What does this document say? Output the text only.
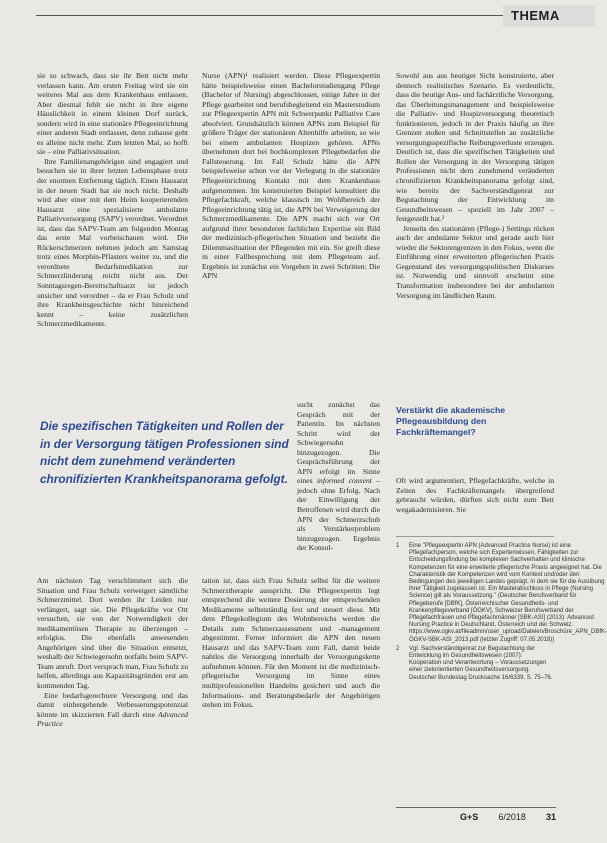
THEMA

sie so schwach, dass sie ihr Bett nicht mehr verlassen kann. Am ersten Freitag wird sie ein weiteres Mal aus dem Krankenhaus entlassen. Aber diesmal fehlt sie nicht in ihre eigene Häuslichkeit in einem kleinen Dorf zurück, sondern wird in eine stationäre Pflegeeinrichtung einer anderen Stadt entlassen, denn zuhause geht es alleine nicht mehr. Zum letzten Mal, so hofft sie – eine Palliativsituation.

Ihre Familienangehörigen sind engagiert und besuchen sie in ihrer letzten Lebensphase trotz der enormen Entfernung täglich. Einen Hausarzt in der neuen Stadt hat sie noch nicht. Deshalb wird aber einer mit dem Heim kooperierenden Hausarzt eine spezialisierte ambulante Palliativversorgung (SAPV) verordnet. Verordnet ist, dass das SAPV-Team am folgenden Montag das erste Mal vorbeischauen wird. Die Rückerschmerzen nehmen jedoch am Samstag trotz eines Morphin-Pflasters weiter zu, und die verordnete Bedarfsmedikation zur Schmerzlinderung reicht nicht aus. Der Sonntagsregen-Bereitschaftsarzt ist jedoch unsicher und verordnet – da er Frau Schulz und ihre Krankheitsgeschichte nicht hinreichend kennt – keine zusätzlichen Schmerzmedikamente.

Die spezifischen Tätigkeiten und Rollen der in der Versorgung tätigen Professionen sind nicht dem zunehmend veränderten chronifizierten Krankheitspanorama gefolgt.

Am nächsten Tag verschlimmert sich die Situation und Frau Schulz verweigert sämtliche Schmerzmittel. Dort werden ihr Leiden nur verlängert, sagt sie. Die Pflegekräfte vor Ort versuchen, sie von der Notwendigkeit der medikamentösen Therapie zu überzeugen – erfolglos. Die ebenfalls anwesenden Angehörigen sind über die Situation entsetzt, weshalb der Schwiegersohn notfalls beim SAPV-Team anruft. Dort versprach man, Frau Schulz zu helfen, allerdings aus Kapazitätsgründen erst am kommenden Tag.

Eine bedarfsgerechtere Versorgung und das damit einhergehende Verbesserungspotenzial könnte im skizzierten Fall durch eine Advanced Practice

Nurse (APN)¹ realisiert werden. Diese Pflegeexpertin hätte beispielsweise einen Bachelorstudiengang Pflege (Bachelor of Nursing) abgeschlossen, einige Jahre in der Pflege gearbeitet und berufsbegleitend ein Masterstudium zur Pflegeexpertin APN mit Schwerpunkt Palliative Care absolviert. Grundsätzlich können APNs zum Beispiel für größere Träger der stationären Altenhilfe arbeiten, so wie bei einem ambulanten Hospizen gehören. APNs übernehmen dort bei hochkomplexen Pflegebedarfen die Fallsteuerung. Im Fall Schulz hätte die APN beispielsweise schon vor der Verlegung in die stationäre Pflegeeinrichtung Kontakt mit dem Krankenhaus aufgenommen. Im konstruierten Beispiel konsultiert die Pflegefachkraft, welche klassisch im Wohlbereich der Pflegeeinrichtung tätig ist, die APN bei Verweigerung der Schmerzmedikamente. Die APN macht sich vor Ort aufgrund ihrer besonderen fachlichen Expertise ein Bild der medizinisch-pflegerischen Situation und bezieht die Dilemmasituation der Pflegenden mit ein. Sie greift diese in einer Fallbesprechung mit dem Pflegeteam auf. Ergebnis ist zunächst ein Vorgehen in zwei Schritten: Die APN

sucht zunächst das Gespräch mit der Patientin. Im nächsten Schritt wird der Schwiegersohn hinzugezogen. Die Gesprächsführung der APN erfolgt im Sinne eines informed consent – jedoch ohne Erfolg. Nach der Einwilligung der Betroffenen wird durch die APN der Schmerzschub als Verstärkerproblem hinzugezogen. Ergebnis der Konsul-

tation ist, dass sich Frau Schulz selbst für die weitere Schmerztherapie ausspricht. Die Pflegeexpertin legt entsprechend die weitere Dosierung der entsprechenden Medikamente selbstständig fest und steuert diese. Mit dem Pflegekollegium des Wohnbereichs werden die Details zum Schmerzassessment und -management abgestimmt. Ferner informiert die APN den neuen Hausarzt und das SAPV-Team zum Fall, damit beide nahtlos die Versorgung innerhalb der Versorgungskette aufnehmen können. Für den Moment ist die medizinisch-pflegerische Versorgung im Sinne eines multiprofessionellen Handelns gesichert und auch die Informations- und Beratungsbedarfe der Angehörigen stehen im Fokus.

Sowohl aus aus heutiger Sicht konstruierte, aber dennoch realistisches Szenario. Es verdeutlicht, dass die heutige Aus- und fachärztliche Versorgung, das Überleitungsmanagement und beispielsweise die Palliativ- und Hospizversorgung theoretisch funktionieren, jedoch in der Praxis häufig an ihre Grenzen stoßen und Schnittstellen an zusätzliche versorgungsspezifische Reibungsverluste erzeugen. Deutlich ist, dass die spezifischen Tätigkeiten und Rollen der Versorgung in der Versorgung tätigen Professionen nicht dem zunehmend veränderten chronifizierten Krankheitspanorama gefolgt sind, wie bereits der Sachverständigenrat zur Begutachtung der Entwicklung im Gesundheitswesen – speziell im Jahr 2007 – festgestellt hat.²

Jenseits des stationären (Pflege-) Settings rücken auch der ambulante Sektor und gerade auch hier wieder die Sektorengrenzen in den Fokus, wenn die Einführung einer erweiterten pflegerischen Praxis Gegenstand des versorgungspolitischen Diskurses ist. Notwendig und sinnvoll erscheint eine Transformation insbesondere bei der ambulanten Versorgung im ländlichen Raum.

Verstärkt die akademische Pflegeausbildung den Fachkräftemangel?

Oft wird argumentiert, Pflegefachkräfte, welche in Zeiten des Fachkräftemangels übergreifend gebraucht würden, dürften sich nicht zum Bett wegakademisieren. Sie

1	Eine "Pflegeexpertin APN (Advanced Practice Nurse) ist eine Pflegefachperson, welche sich Expertenwissen, Fähigkeiten zur Entscheidungsfindung bei komplexen Sachverhalten und klinische Kompetenzen für eine erweiterte pflegerische Praxis angeeignet hat. Die Charakteristik der Kompetenzen wird vom Kontext und/oder den Bedingungen des jeweiligen Landes geprägt, in dem sie für die Ausübung ihrer Tätigkeit zugelassen ist. Ein Masterabschluss in Pflege (Nursing Science) gilt als Voraussetzung." (Deutscher Berufsverband für Pflegeberufe [DBfK], Österreichischer Gesundheits- und Krankenpflegeverband [ÖGKV], Schweizer Berufsverband der Pflegefachfrauen und Pflegefachmänner [SBK-ASI] (2013): Advanced Nursing Practice in Deutschland, Österreich und der Schweiz. https://www.ogkv.at/fileadmin/user_upload/Dateien/Broschüre_APN_DBfK-ÖGKV-SBK-ASI_2013.pdf (letzter Zugriff: 07.05.2018))
2	Vgl. Sachverständigenrat zur Begutachtung der Entwicklung im Gesundheitswesen (2007): Kooperation und Verantwortung – Voraussetzungen einer zielorientierten Gesundheitsversorgung. Deutscher Bundestag Drucksache 16/6339, S. 75–76.
G+S 6/2018 31
